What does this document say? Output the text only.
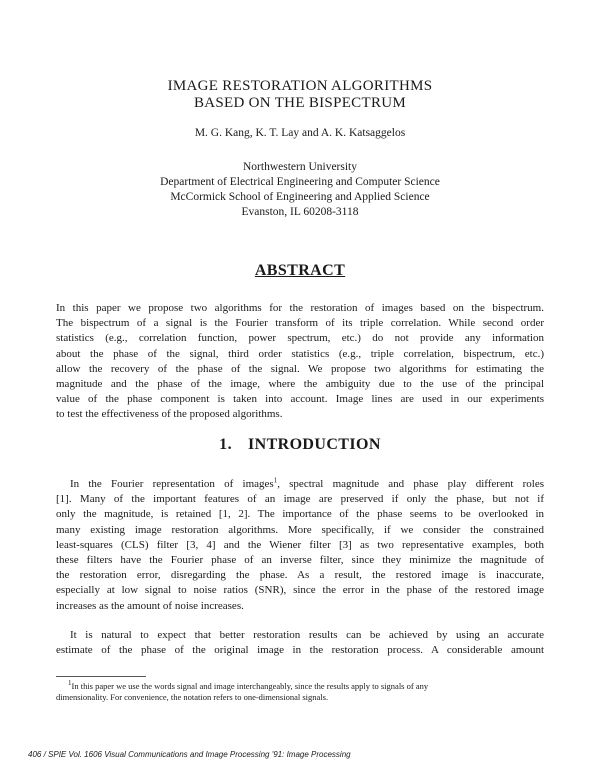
IMAGE RESTORATION ALGORITHMS
BASED ON THE BISPECTRUM
M. G. Kang, K. T. Lay and A. K. Katsaggelos
Northwestern University
Department of Electrical Engineering and Computer Science
McCormick School of Engineering and Applied Science
Evanston, IL 60208-3118
ABSTRACT
In this paper we propose two algorithms for the restoration of images based on the bispectrum.
The bispectrum of a signal is the Fourier transform of its triple correlation. While second order
statistics (e.g., correlation function, power spectrum, etc.) do not provide any information
about the phase of the signal, third order statistics (e.g., triple correlation, bispectrum, etc.)
allow the recovery of the phase of the signal. We propose two algorithms for estimating the
magnitude and the phase of the image, where the ambiguity due to the use of the principal
value of the phase component is taken into account. Image lines are used in our experiments
to test the effectiveness of the proposed algorithms.
1. INTRODUCTION
In the Fourier representation of images$^1$, spectral magnitude and phase play different roles
[1]. Many of the important features of an image are preserved if only the phase, but not if
only the magnitude, is retained [1, 2]. The importance of the phase seems to be overlooked in
many existing image restoration algorithms. More specifically, if we consider the constrained
least-squares (CLS) filter [3, 4] and the Wiener filter [3] as two representative examples, both
these filters have the Fourier phase of an inverse filter, since they minimize the magnitude of
the restoration error, disregarding the phase. As a result, the restored image is inaccurate,
especially at low signal to noise ratios (SNR), since the error in the phase of the restored image
increases as the amount of noise increases.
It is natural to expect that better restoration results can be achieved by using an accurate
estimate of the phase of the original image in the restoration process. A considerable amount
$^1$In this paper we use the words signal and image interchangeably, since the results apply to signals of any
dimensionality. For convenience, the notation refers to one-dimensional signals.
406 / SPIE Vol. 1606 Visual Communications and Image Processing '91: Image Processing
